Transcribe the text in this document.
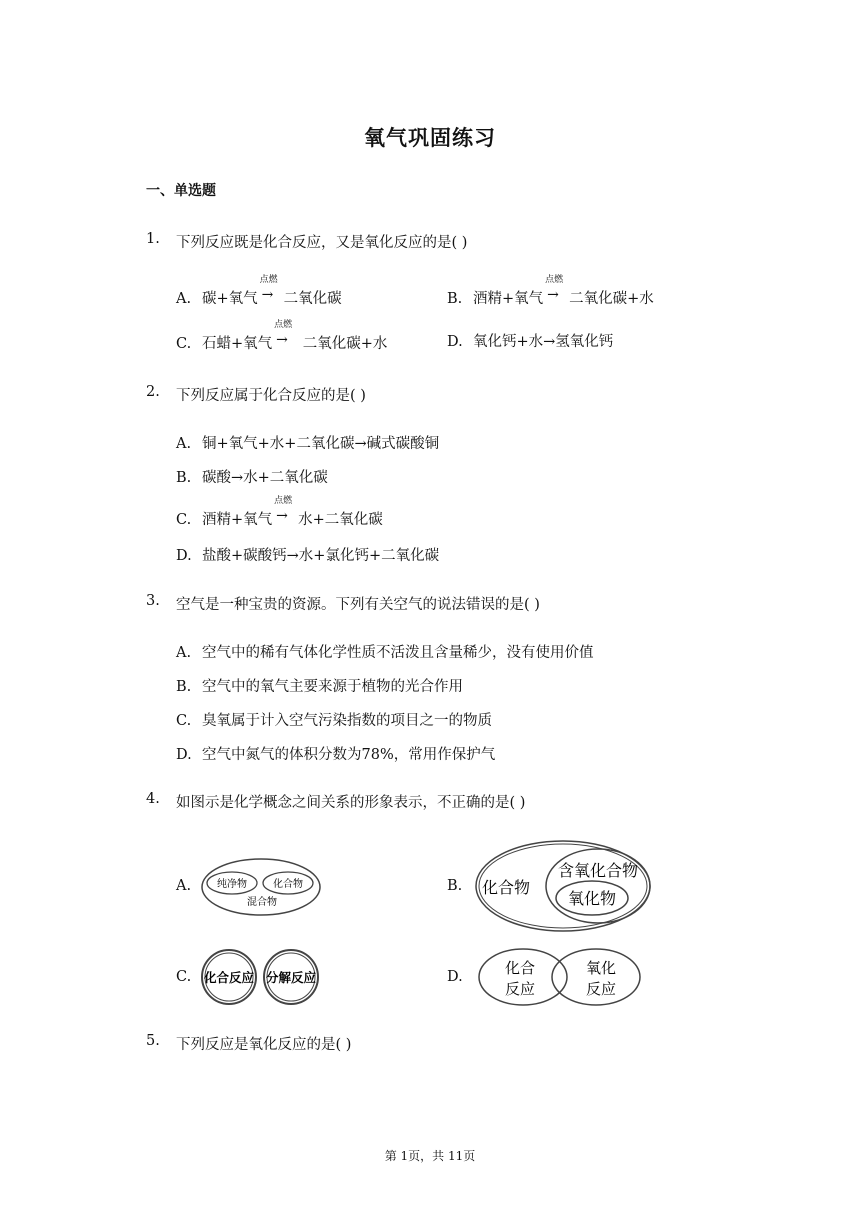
氧气巩固练习
一、单选题
1. 下列反应既是化合反应，又是氧化反应的是( )
A. 碳+氧气
点燃
→ 二氧化碳	B. 酒精+氧气
点燃
→ 二氧化碳+水
C. 石蜡+氧气
点燃
→ 二氧化碳+水	D. 氧化钙+水→氢氧化钙
2. 下列反应属于化合反应的是( )
A. 铜+氧气+水+二氧化碳→碱式碳酸铜
B. 碳酸→水+二氧化碳
C. 酒精+氧气
点燃
→ 水+二氧化碳
D. 盐酸+碳酸钙→水+氯化钙+二氧化碳
3. 空气是一种宝贵的资源。下列有关空气的说法错误的是( )
A. 空气中的稀有气体化学性质不活泼且含量稀少，没有使用价值
B. 空气中的氧气主要来源于植物的光合作用
C. 臭氧属于计入空气污染指数的项目之一的物质
D. 空气中氮气的体积分数为78%，常用作保护气
4. 如图示是化学概念之间关系的形象表示，不正确的是( )
A.	纯净物	化合物
混合物
B. 化合物
含氧化合物
氧化物
C. 化合反应 分解反应	D.	化合
反应
氧化
反应
5. 下列反应是氧化反应的是( )
第 1页，共 11页
